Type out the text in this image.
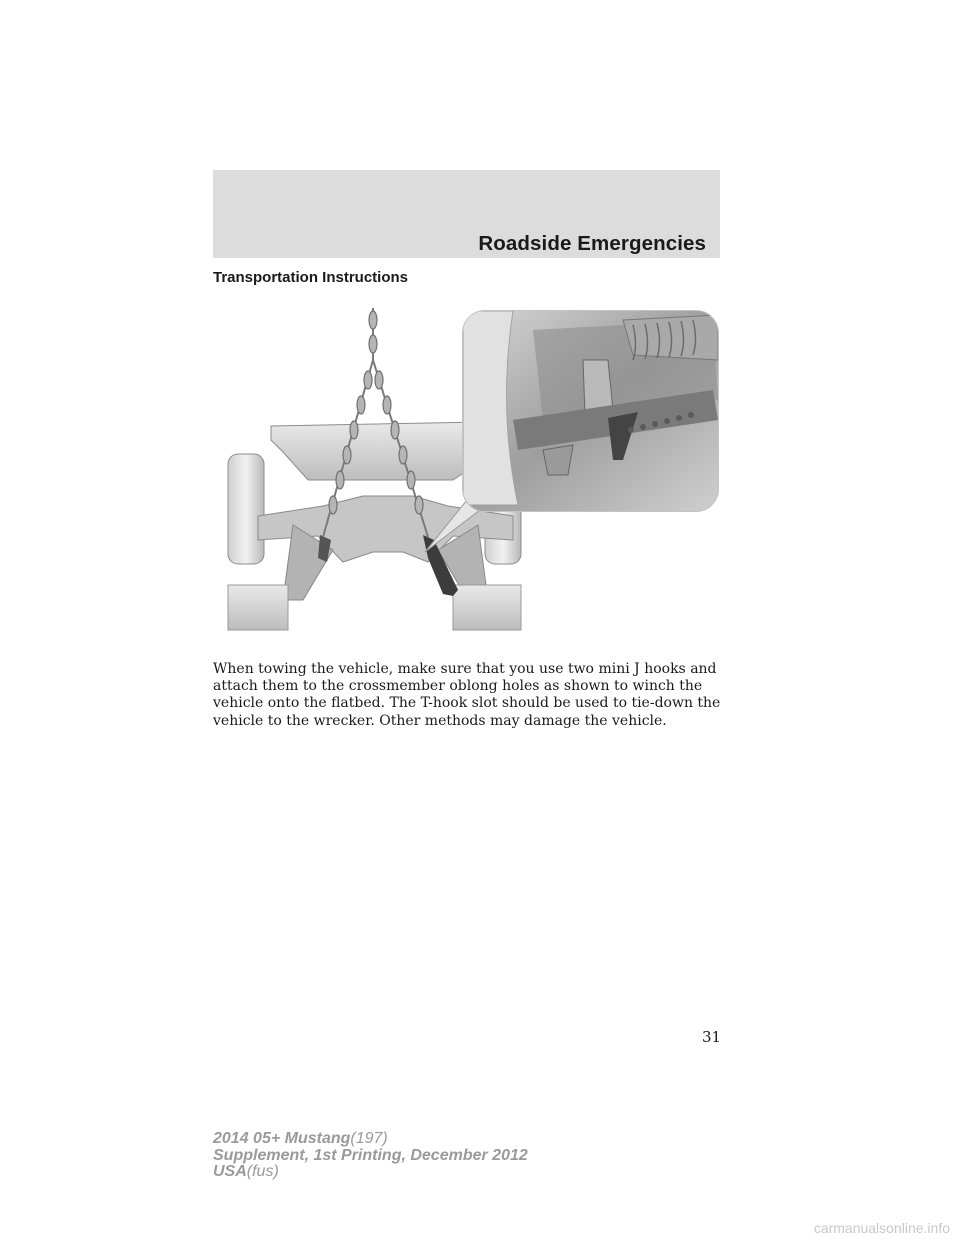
Roadside Emergencies
Transportation Instructions

When towing the vehicle, make sure that you use two mini J hooks and attach them to the crossmember oblong holes as shown to winch the vehicle onto the flatbed. The T-hook slot should be used to tie-down the vehicle to the wrecker. Other methods may damage the vehicle.

31
2014 05+ Mustang(197)
Supplement, 1st Printing, December 2012
USA(fus)
carmanualsonline.info
